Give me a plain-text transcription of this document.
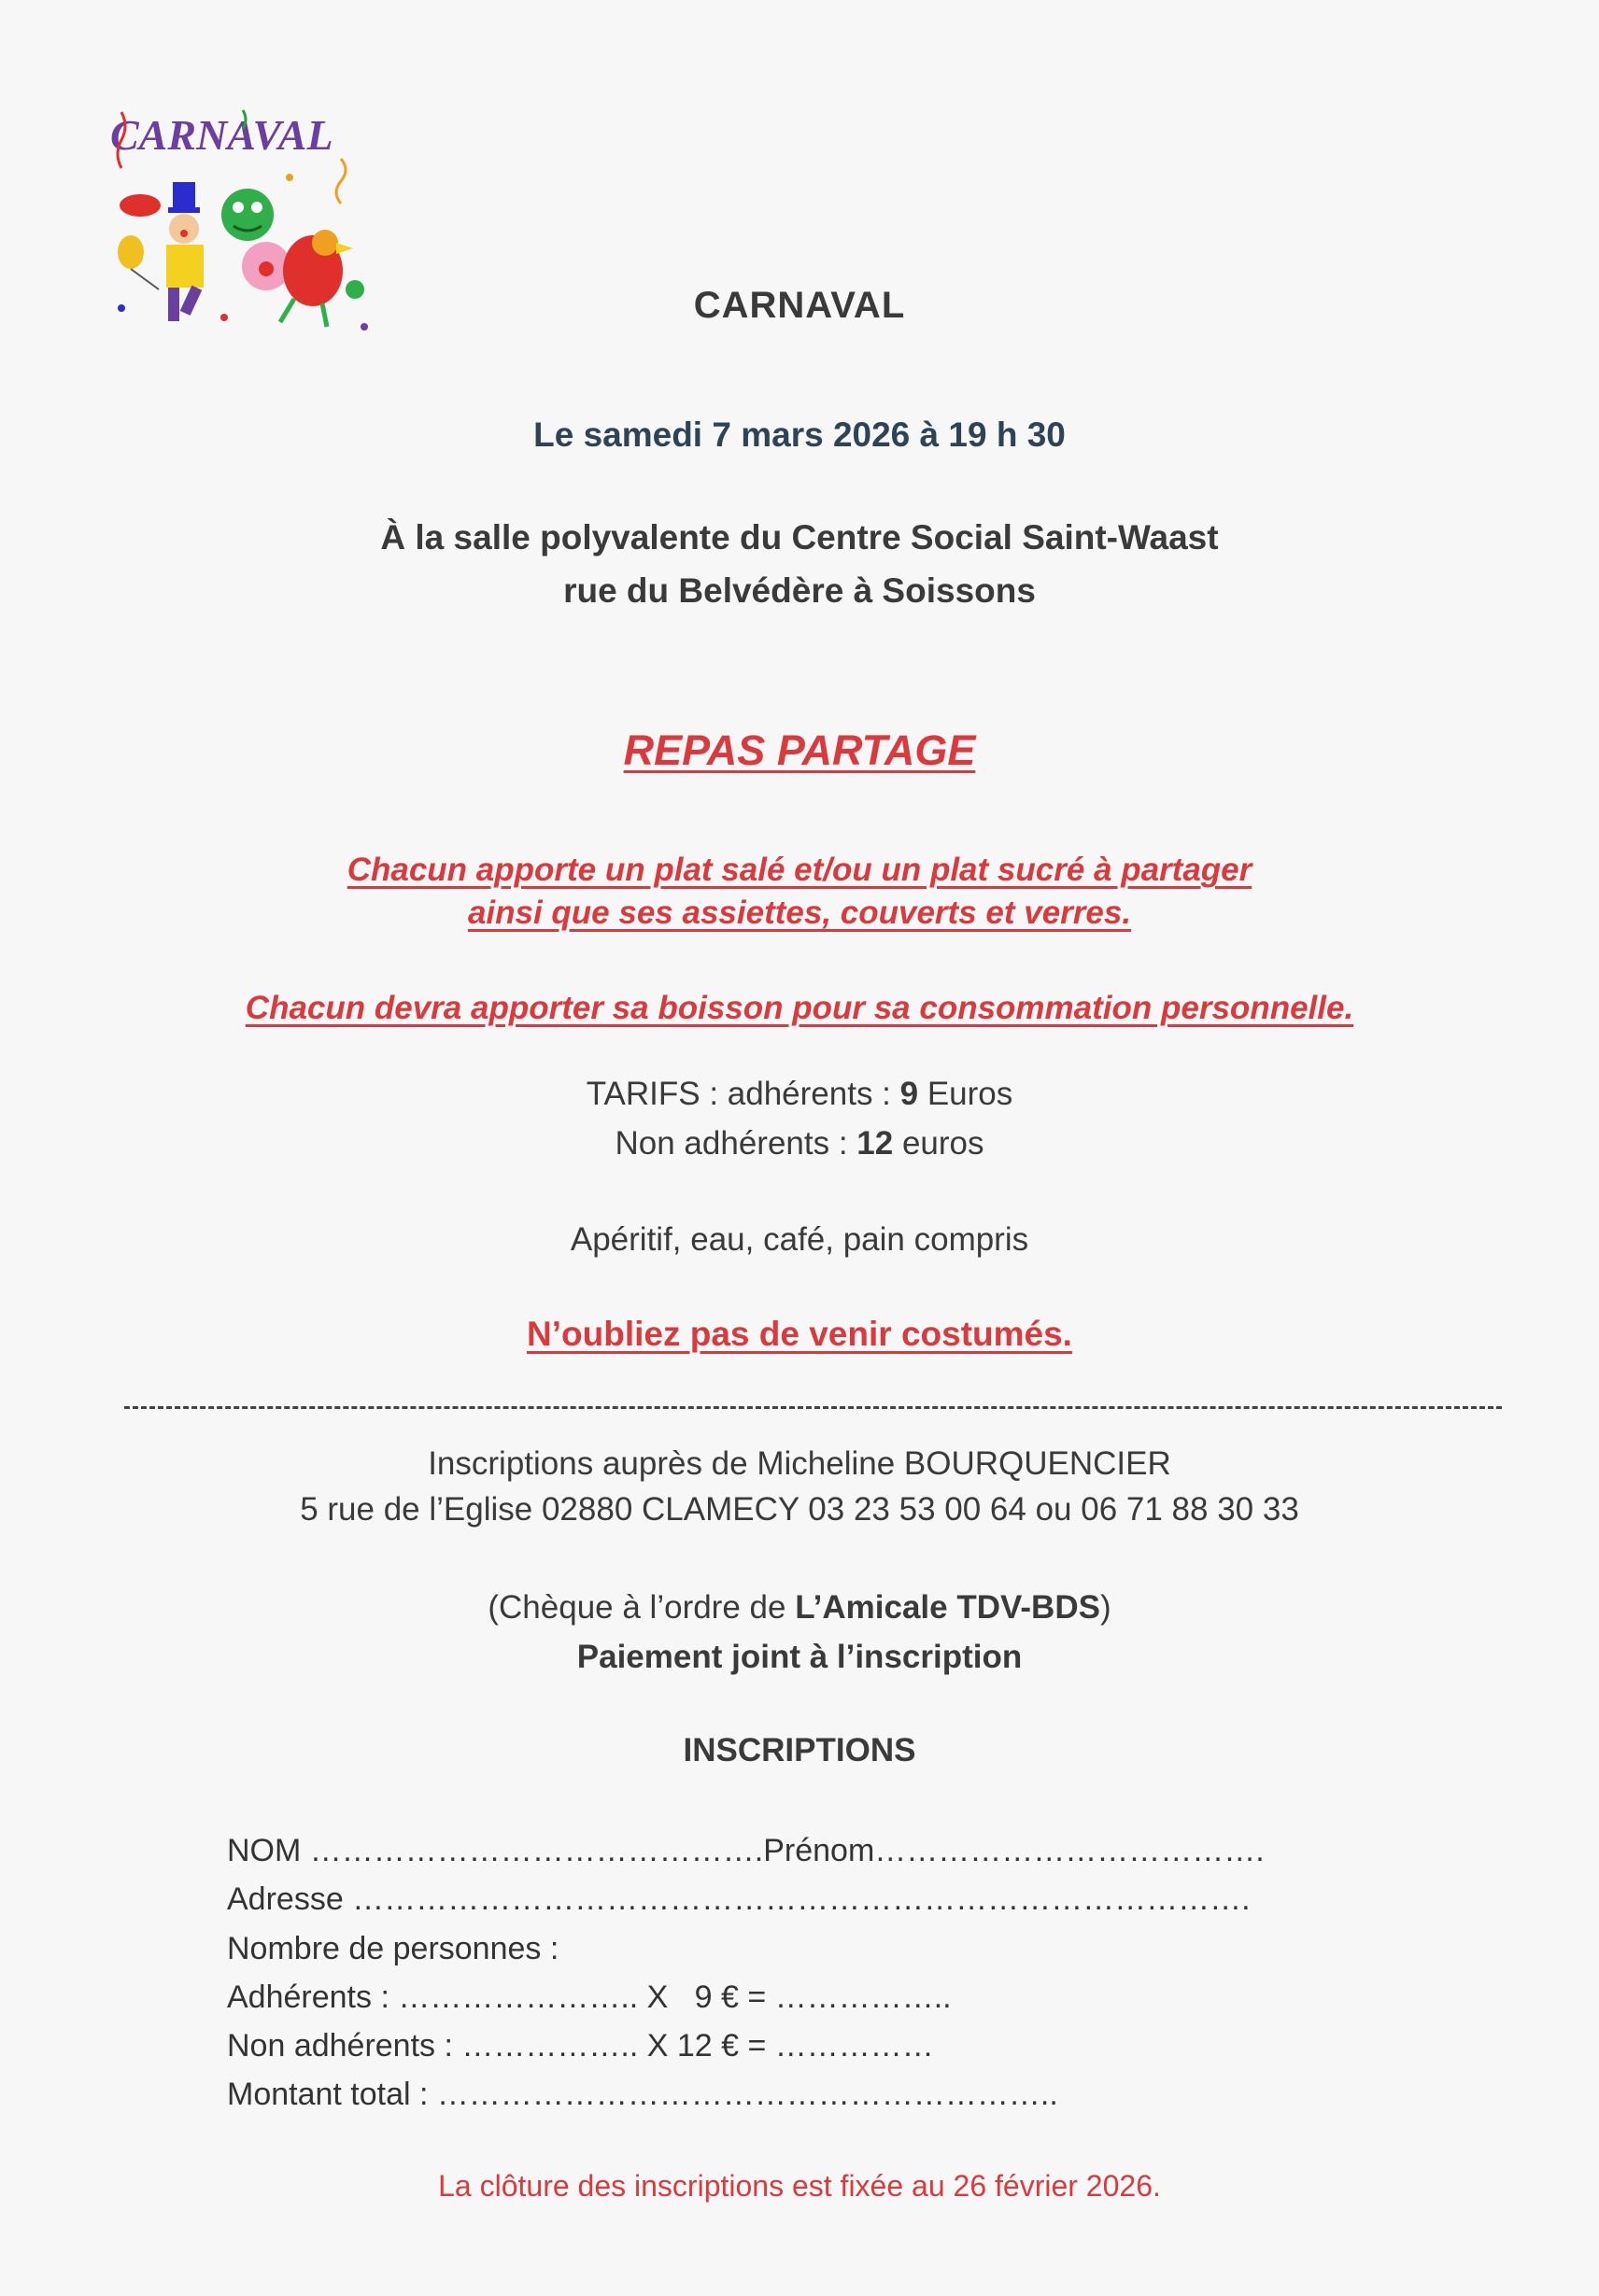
CARNAVAL
CARNAVAL
Le samedi 7 mars 2026 à 19 h 30
À la salle polyvalente du Centre Social Saint-Waast
rue du Belvédère à Soissons
REPAS PARTAGE
Chacun apporte un plat salé et/ou un plat sucré à partager
ainsi que ses assiettes, couverts et verres.
Chacun devra apporter sa boisson pour sa consommation personnelle.
TARIFS : adhérents : 9 Euros
Non adhérents : 12 euros
Apéritif, eau, café, pain compris
N’oubliez pas de venir costumés.
Inscriptions auprès de Micheline BOURQUENCIER
5 rue de l’Eglise 02880 CLAMECY 03 23 53 00 64 ou 06 71 88 30 33
(Chèque à l’ordre de L’Amicale TDV-BDS)
Paiement joint à l’inscription
INSCRIPTIONS
NOM …………………………………….Prénom……………………………….
Adresse ………………………………………………………………………….
Nombre de personnes :
Adhérents : ………………….. X   9 € = ……………..
Non adhérents : …………….. X 12 € = ……………
Montant total : …………………………………………………..
La clôture des inscriptions est fixée au 26 février 2026.
